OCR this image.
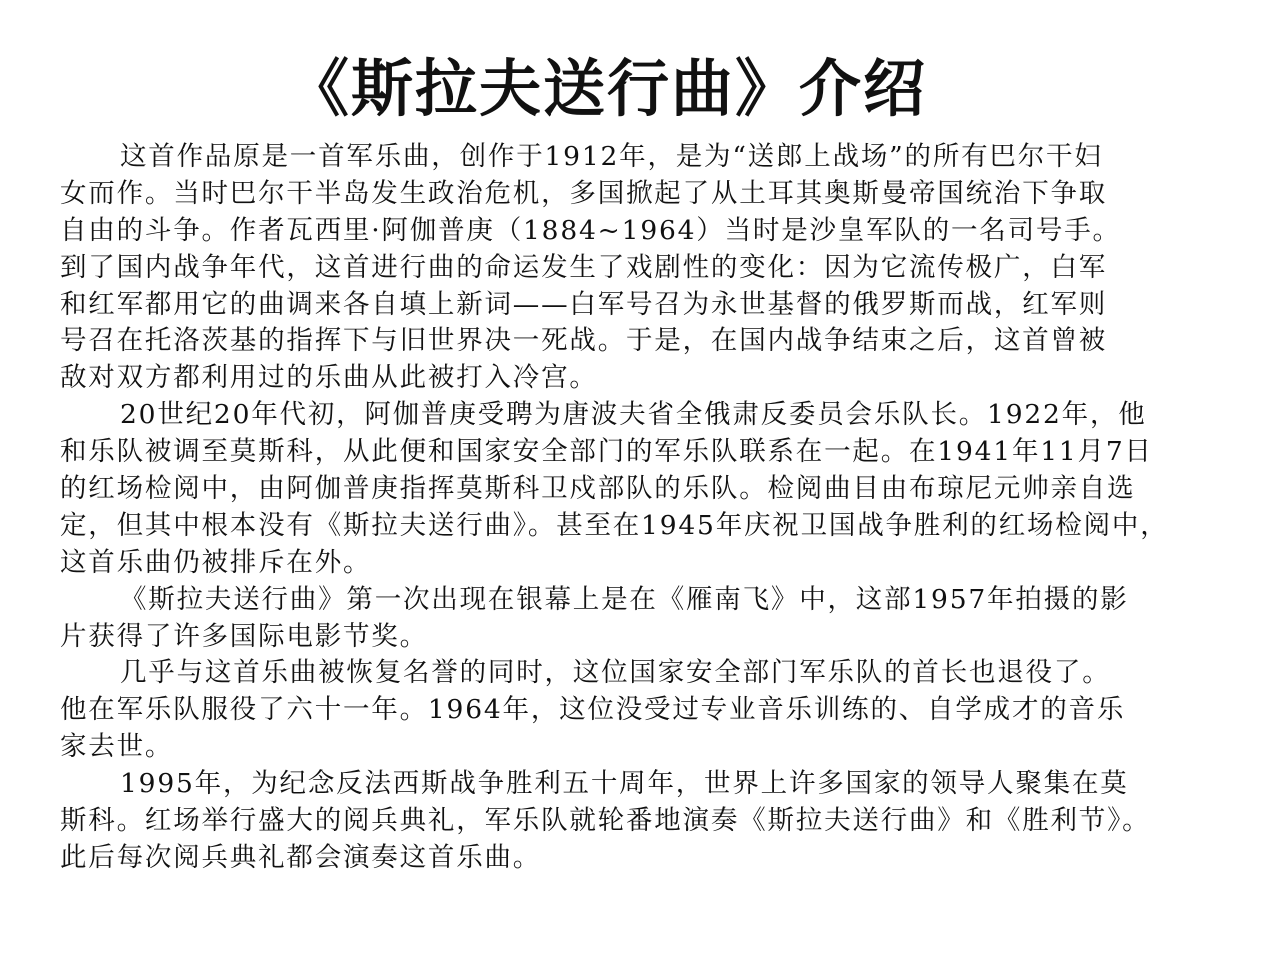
《斯拉夫送行曲》介绍
这首作品原是一首军乐曲，创作于1912年，是为“送郎上战场”的所有巴尔干妇
女而作。当时巴尔干半岛发生政治危机，多国掀起了从土耳其奥斯曼帝国统治下争取
自由的斗争。作者瓦西里·阿伽普庚（1884~1964）当时是沙皇军队的一名司号手。
到了国内战争年代，这首进行曲的命运发生了戏剧性的变化：因为它流传极广，白军
和红军都用它的曲调来各自填上新词——白军号召为永世基督的俄罗斯而战，红军则
号召在托洛茨基的指挥下与旧世界决一死战。于是，在国内战争结束之后，这首曾被
敌对双方都利用过的乐曲从此被打入冷宫。
20世纪20年代初，阿伽普庚受聘为唐波夫省全俄肃反委员会乐队长。1922年，他
和乐队被调至莫斯科，从此便和国家安全部门的军乐队联系在一起。在1941年11月7日
的红场检阅中，由阿伽普庚指挥莫斯科卫戍部队的乐队。检阅曲目由布琼尼元帅亲自选
定，但其中根本没有《斯拉夫送行曲》。甚至在1945年庆祝卫国战争胜利的红场检阅中，
这首乐曲仍被排斥在外。
《斯拉夫送行曲》第一次出现在银幕上是在《雁南飞》中，这部1957年拍摄的影
片获得了许多国际电影节奖。
几乎与这首乐曲被恢复名誉的同时，这位国家安全部门军乐队的首长也退役了。
他在军乐队服役了六十一年。1964年，这位没受过专业音乐训练的、自学成才的音乐
家去世。
1995年，为纪念反法西斯战争胜利五十周年，世界上许多国家的领导人聚集在莫
斯科。红场举行盛大的阅兵典礼，军乐队就轮番地演奏《斯拉夫送行曲》和《胜利节》。
此后每次阅兵典礼都会演奏这首乐曲。
